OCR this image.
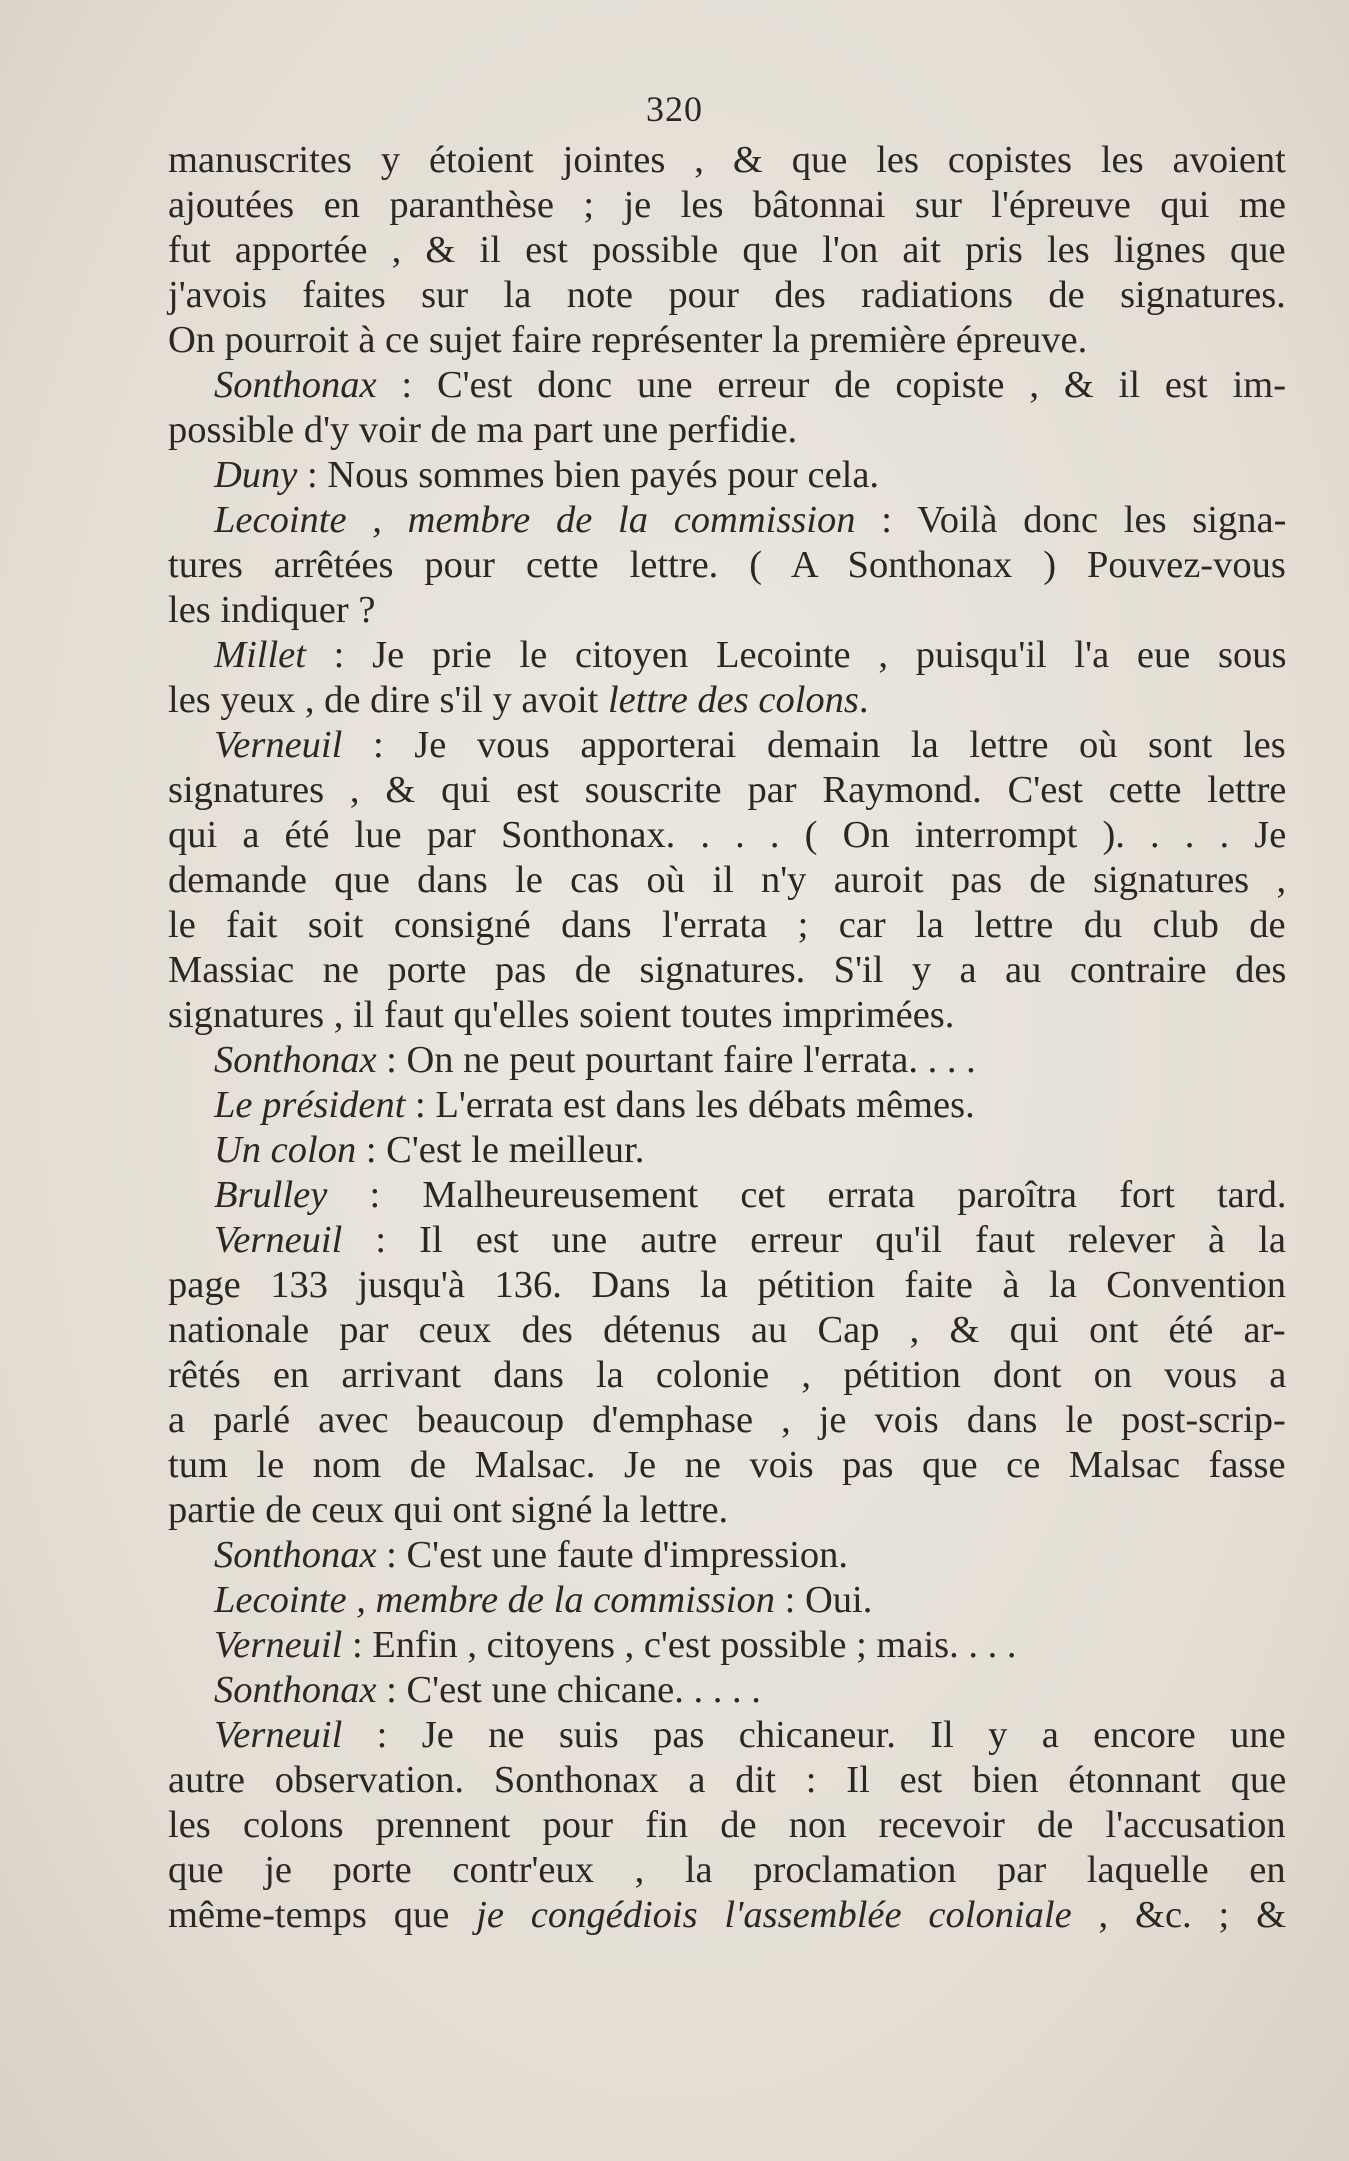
320
manuscrites y étoient jointes , & que les copistes les avoient
ajoutées en paranthèse ; je les bâtonnai sur l'épreuve qui me
fut apportée , & il est possible que l'on ait pris les lignes que
j'avois faites sur la note pour des radiations de signatures.
On pourroit à ce sujet faire représenter la première épreuve.
Sonthonax : C'est donc une erreur de copiste , & il est im-
possible d'y voir de ma part une perfidie.
Duny : Nous sommes bien payés pour cela.
Lecointe , membre de la commission : Voilà donc les signa-
tures arrêtées pour cette lettre. ( A Sonthonax ) Pouvez-vous
les indiquer ?
Millet : Je prie le citoyen Lecointe , puisqu'il l'a eue sous
les yeux , de dire s'il y avoit lettre des colons.
Verneuil : Je vous apporterai demain la lettre où sont les
signatures , & qui est souscrite par Raymond. C'est cette lettre
qui a été lue par Sonthonax. . . . ( On interrompt ). . . . Je
demande que dans le cas où il n'y auroit pas de signatures ,
le fait soit consigné dans l'errata ; car la lettre du club de
Massiac ne porte pas de signatures. S'il y a au contraire des
signatures , il faut qu'elles soient toutes imprimées.
Sonthonax : On ne peut pourtant faire l'errata. . . .
Le président : L'errata est dans les débats mêmes.
Un colon : C'est le meilleur.
Brulley : Malheureusement cet errata paroîtra fort tard.
Verneuil : Il est une autre erreur qu'il faut relever à la
page 133 jusqu'à 136. Dans la pétition faite à la Convention
nationale par ceux des détenus au Cap , & qui ont été ar-
rêtés en arrivant dans la colonie , pétition dont on vous a
a parlé avec beaucoup d'emphase , je vois dans le post-scrip-
tum le nom de Malsac. Je ne vois pas que ce Malsac fasse
partie de ceux qui ont signé la lettre.
Sonthonax : C'est une faute d'impression.
Lecointe , membre de la commission : Oui.
Verneuil : Enfin , citoyens , c'est possible ; mais. . . .
Sonthonax : C'est une chicane. . . . .
Verneuil : Je ne suis pas chicaneur. Il y a encore une
autre observation. Sonthonax a dit : Il est bien étonnant que
les colons prennent pour fin de non recevoir de l'accusation
que je porte contr'eux , la proclamation par laquelle en
même-temps que je congédiois l'assemblée coloniale , &c. ; &
